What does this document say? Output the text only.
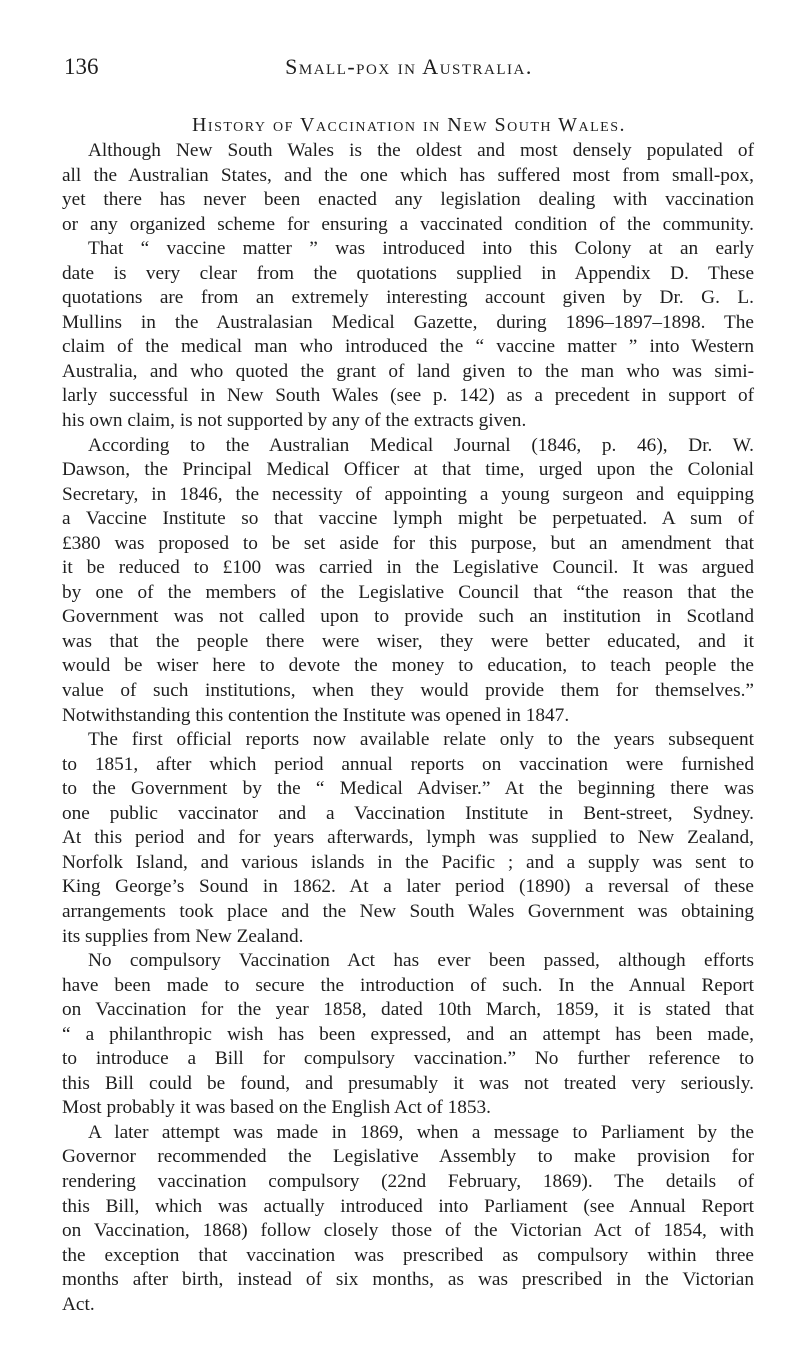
136	Small-pox in Australia.
History of Vaccination in New South Wales.

Although New South Wales is the oldest and most densely populated of
all the Australian States, and the one which has suffered most from small-pox,
yet there has never been enacted any legislation dealing with vaccination
or any organized scheme for ensuring a vaccinated condition of the community.
That “ vaccine matter ” was introduced into this Colony at an early
date is very clear from the quotations supplied in Appendix D. These
quotations are from an extremely interesting account given by Dr. G. L.
Mullins in the Australasian Medical Gazette, during 1896–1897–1898. The
claim of the medical man who introduced the “ vaccine matter ” into Western
Australia, and who quoted the grant of land given to the man who was simi-
larly successful in New South Wales (see p. 142) as a precedent in support of
his own claim, is not supported by any of the extracts given.

According to the Australian Medical Journal (1846, p. 46), Dr. W.
Dawson, the Principal Medical Officer at that time, urged upon the Colonial
Secretary, in 1846, the necessity of appointing a young surgeon and equipping
a Vaccine Institute so that vaccine lymph might be perpetuated. A sum of
£380 was proposed to be set aside for this purpose, but an amendment that
it be reduced to £100 was carried in the Legislative Council. It was argued
by one of the members of the Legislative Council that “the reason that the
Government was not called upon to provide such an institution in Scotland
was that the people there were wiser, they were better educated, and it
would be wiser here to devote the money to education, to teach people the
value of such institutions, when they would provide them for themselves.”
Notwithstanding this contention the Institute was opened in 1847.

The first official reports now available relate only to the years subsequent
to 1851, after which period annual reports on vaccination were furnished
to the Government by the “ Medical Adviser.” At the beginning there was
one public vaccinator and a Vaccination Institute in Bent-street, Sydney.
At this period and for years afterwards, lymph was supplied to New Zealand,
Norfolk Island, and various islands in the Pacific ; and a supply was sent to
King George’s Sound in 1862. At a later period (1890) a reversal of these
arrangements took place and the New South Wales Government was obtaining
its supplies from New Zealand.

No compulsory Vaccination Act has ever been passed, although efforts
have been made to secure the introduction of such. In the Annual Report
on Vaccination for the year 1858, dated 10th March, 1859, it is stated that
“ a philanthropic wish has been expressed, and an attempt has been made,
to introduce a Bill for compulsory vaccination.” No further reference to
this Bill could be found, and presumably it was not treated very seriously.
Most probably it was based on the English Act of 1853.

A later attempt was made in 1869, when a message to Parliament by the
Governor recommended the Legislative Assembly to make provision for
rendering vaccination compulsory (22nd February, 1869). The details of
this Bill, which was actually introduced into Parliament (see Annual Report
on Vaccination, 1868) follow closely those of the Victorian Act of 1854, with
the exception that vaccination was prescribed as compulsory within three
months after birth, instead of six months, as was prescribed in the Victorian
Act.
